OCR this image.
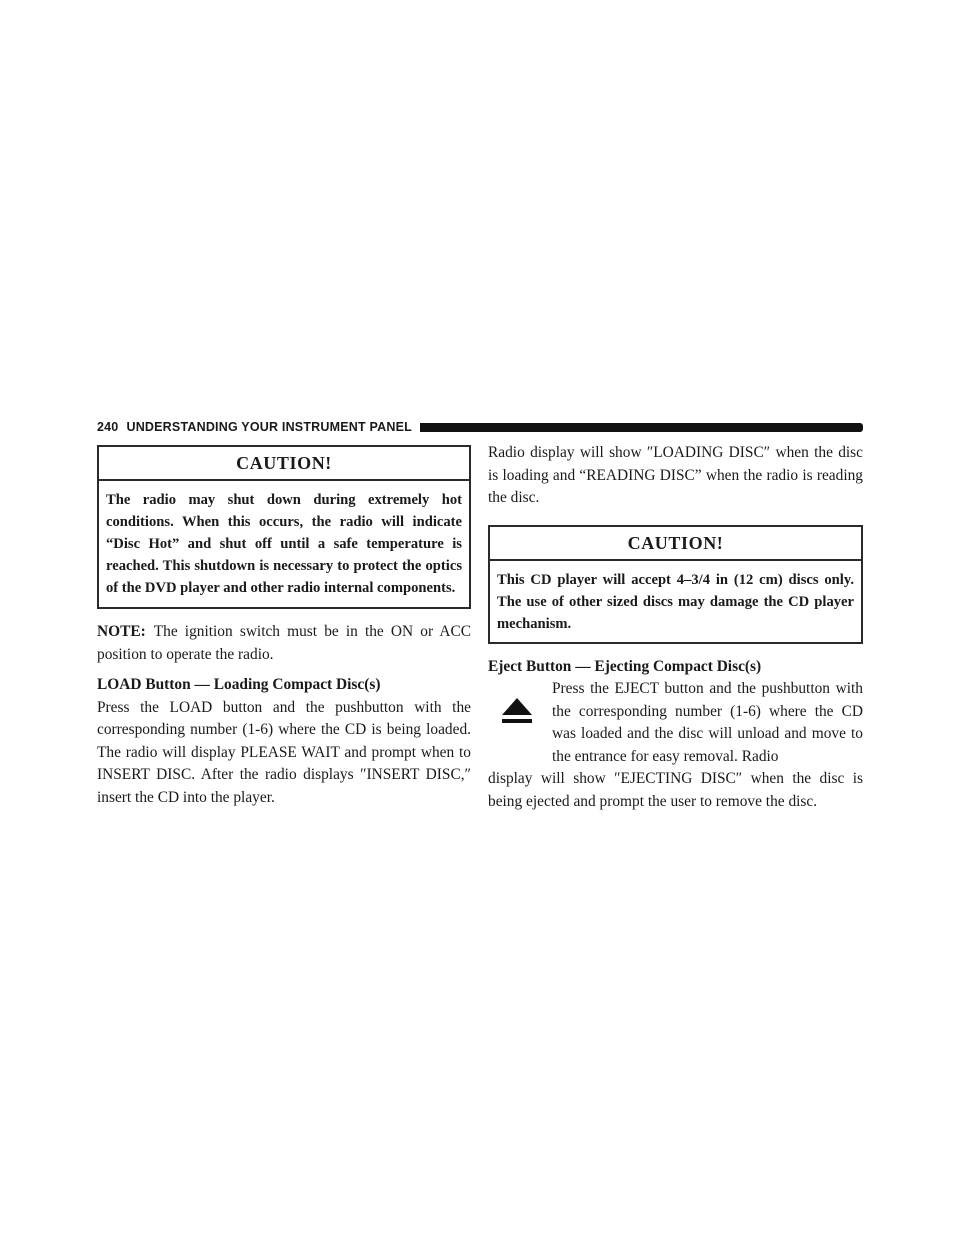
240 UNDERSTANDING YOUR INSTRUMENT PANEL
CAUTION!
The radio may shut down during extremely hot conditions. When this occurs, the radio will indicate “Disc Hot” and shut off until a safe temperature is reached. This shutdown is necessary to protect the optics of the DVD player and other radio internal components.

NOTE: The ignition switch must be in the ON or ACC position to operate the radio.

LOAD Button — Loading Compact Disc(s)

Press the LOAD button and the pushbutton with the corresponding number (1-6) where the CD is being loaded. The radio will display PLEASE WAIT and prompt when to INSERT DISC. After the radio displays ″INSERT DISC,″ insert the CD into the player.

Radio display will show ″LOADING DISC″ when the disc is loading and “READING DISC” when the radio is reading the disc.

CAUTION!
This CD player will accept 4–3/4 in (12 cm) discs only. The use of other sized discs may damage the CD player mechanism.

Eject Button — Ejecting Compact Disc(s)

Press the EJECT button and the pushbutton with the corresponding number (1-6) where the CD was loaded and the disc will unload and move to the entrance for easy removal. Radio

display will show ″EJECTING DISC″ when the disc is being ejected and prompt the user to remove the disc.
